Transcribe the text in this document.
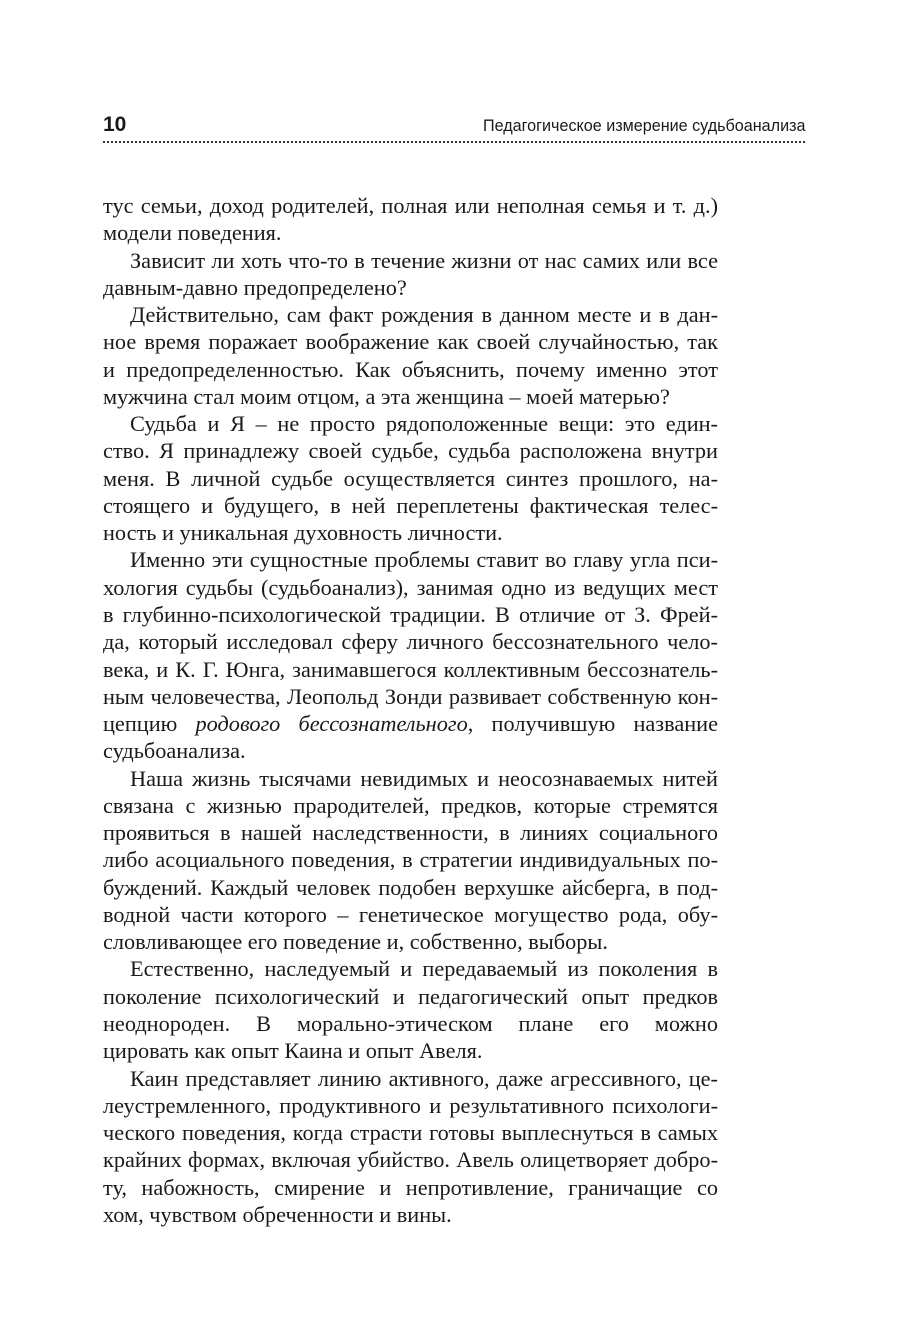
10	Педагогическое измерение судьбоанализа
тус семьи, доход родителей, полная или неполная семья и т. д.)
модели поведения.
Зависит ли хоть что-то в течение жизни от нас самих или все
давным-давно предопределено?
Действительно, сам факт рождения в данном месте и в дан-
ное время поражает воображение как своей случайностью, так
и предопределенностью. Как объяснить, почему именно этот
мужчина стал моим отцом, а эта женщина – моей матерью?
Судьба и Я – не просто рядоположенные вещи: это един-
ство. Я принадлежу своей судьбе, судьба расположена внутри
меня. В личной судьбе осуществляется синтез прошлого, на-
стоящего и будущего, в ней переплетены фактическая телес-
ность и уникальная духовность личности.
Именно эти сущностные проблемы ставит во главу угла пси-
хология судьбы (судьбоанализ), занимая одно из ведущих мест
в глубинно-психологической традиции. В отличие от З. Фрей-
да, который исследовал сферу личного бессознательного чело-
века, и К. Г. Юнга, занимавшегося коллективным бессознатель-
ным человечества, Леопольд Зонди развивает собственную кон-
цепцию родового бессознательного, получившую название
судьбоанализа.
Наша жизнь тысячами невидимых и неосознаваемых нитей
связана с жизнью прародителей, предков, которые стремятся
проявиться в нашей наследственности, в линиях социального
либо асоциального поведения, в стратегии индивидуальных по-
буждений. Каждый человек подобен верхушке айсберга, в под-
водной части которого – генетическое могущество рода, обу-
словливающее его поведение и, собственно, выборы.
Естественно, наследуемый и передаваемый из поколения в
поколение психологический и педагогический опыт предков
неоднороден. В морально-этическом плане его можно
цировать как опыт Каина и опыт Авеля.
Каин представляет линию активного, даже агрессивного, це-
леустремленного, продуктивного и результативного психологи-
ческого поведения, когда страсти готовы выплеснуться в самых
крайних формах, включая убийство. Авель олицетворяет добро-
ту, набожность, смирение и непротивление, граничащие со
хом, чувством обреченности и вины.
